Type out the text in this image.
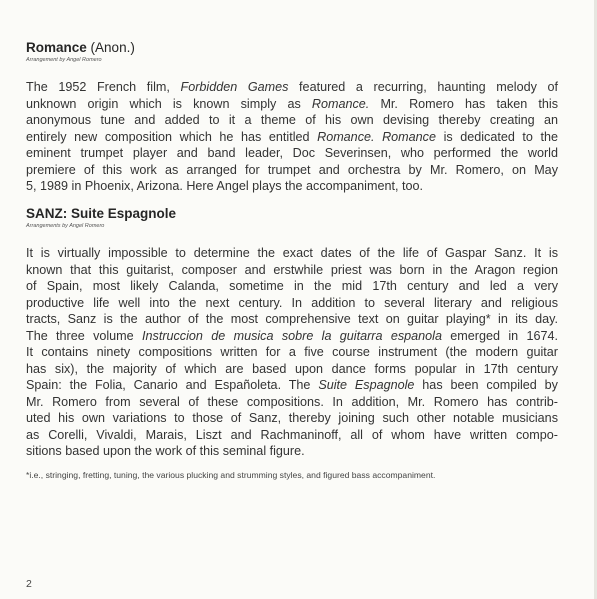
Romance (Anon.)
Arrangement by Angel Romero
The 1952 French film, Forbidden Games featured a recurring, haunting melody of
unknown origin which is known simply as Romance. Mr. Romero has taken this
anonymous tune and added to it a theme of his own devising thereby creating an
entirely new composition which he has entitled Romance. Romance is dedicated to the
eminent trumpet player and band leader, Doc Severinsen, who performed the world
premiere of this work as arranged for trumpet and orchestra by Mr. Romero, on May
5, 1989 in Phoenix, Arizona. Here Angel plays the accompaniment, too.
SANZ: Suite Espagnole
Arrangements by Angel Romero
It is virtually impossible to determine the exact dates of the life of Gaspar Sanz. It is
known that this guitarist, composer and erstwhile priest was born in the Aragon region
of Spain, most likely Calanda, sometime in the mid 17th century and led a very
productive life well into the next century. In addition to several literary and religious
tracts, Sanz is the author of the most comprehensive text on guitar playing* in its day.
The three volume Instruccion de musica sobre la guitarra espanola emerged in 1674.
It contains ninety compositions written for a five course instrument (the modern guitar
has six), the majority of which are based upon dance forms popular in 17th century
Spain: the Folia, Canario and Españoleta. The Suite Espagnole has been compiled by
Mr. Romero from several of these compositions. In addition, Mr. Romero has contrib-
uted his own variations to those of Sanz, thereby joining such other notable musicians
as Corelli, Vivaldi, Marais, Liszt and Rachmaninoff, all of whom have written compo-
sitions based upon the work of this seminal figure.
*i.e., stringing, fretting, tuning, the various plucking and strumming styles, and figured bass accompaniment.
2
